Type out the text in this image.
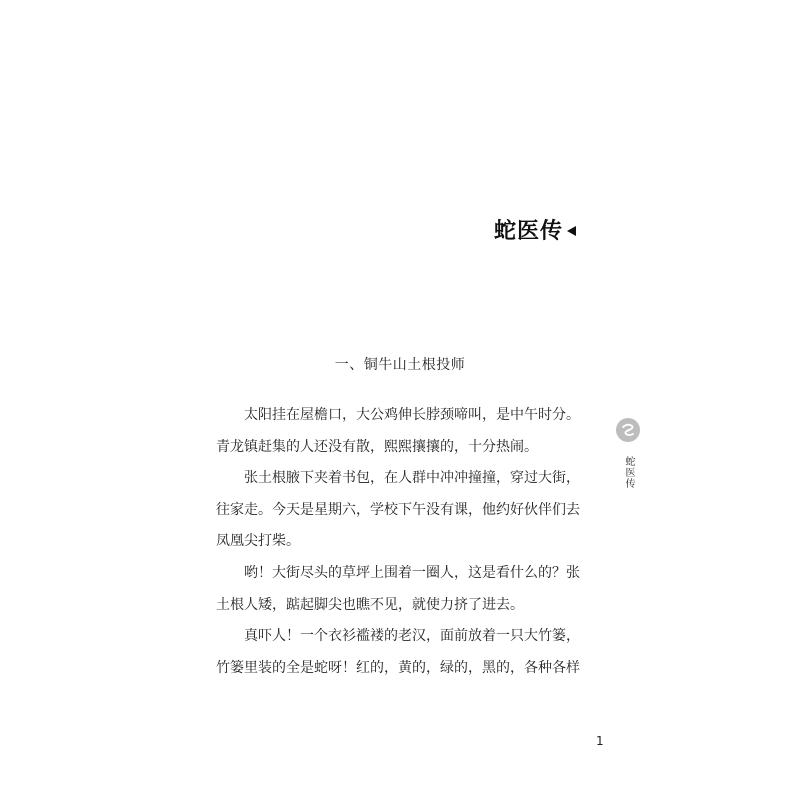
蛇医传
一、铜牛山土根投师
太阳挂在屋檐口，大公鸡伸长脖颈啼叫，是中午时分。
青龙镇赶集的人还没有散，熙熙攘攘的，十分热闹。
张土根腋下夹着书包，在人群中冲冲撞撞，穿过大街，
往家走。今天是星期六，学校下午没有课，他约好伙伴们去
凤凰尖打柴。
哟！大街尽头的草坪上围着一圈人，这是看什么的？张
土根人矮，踮起脚尖也瞧不见，就使力挤了进去。
真吓人！一个衣衫褴褛的老汉，面前放着一只大竹篓，
竹篓里装的全是蛇呀！红的，黄的，绿的，黑的，各种各样
蛇医传
1
